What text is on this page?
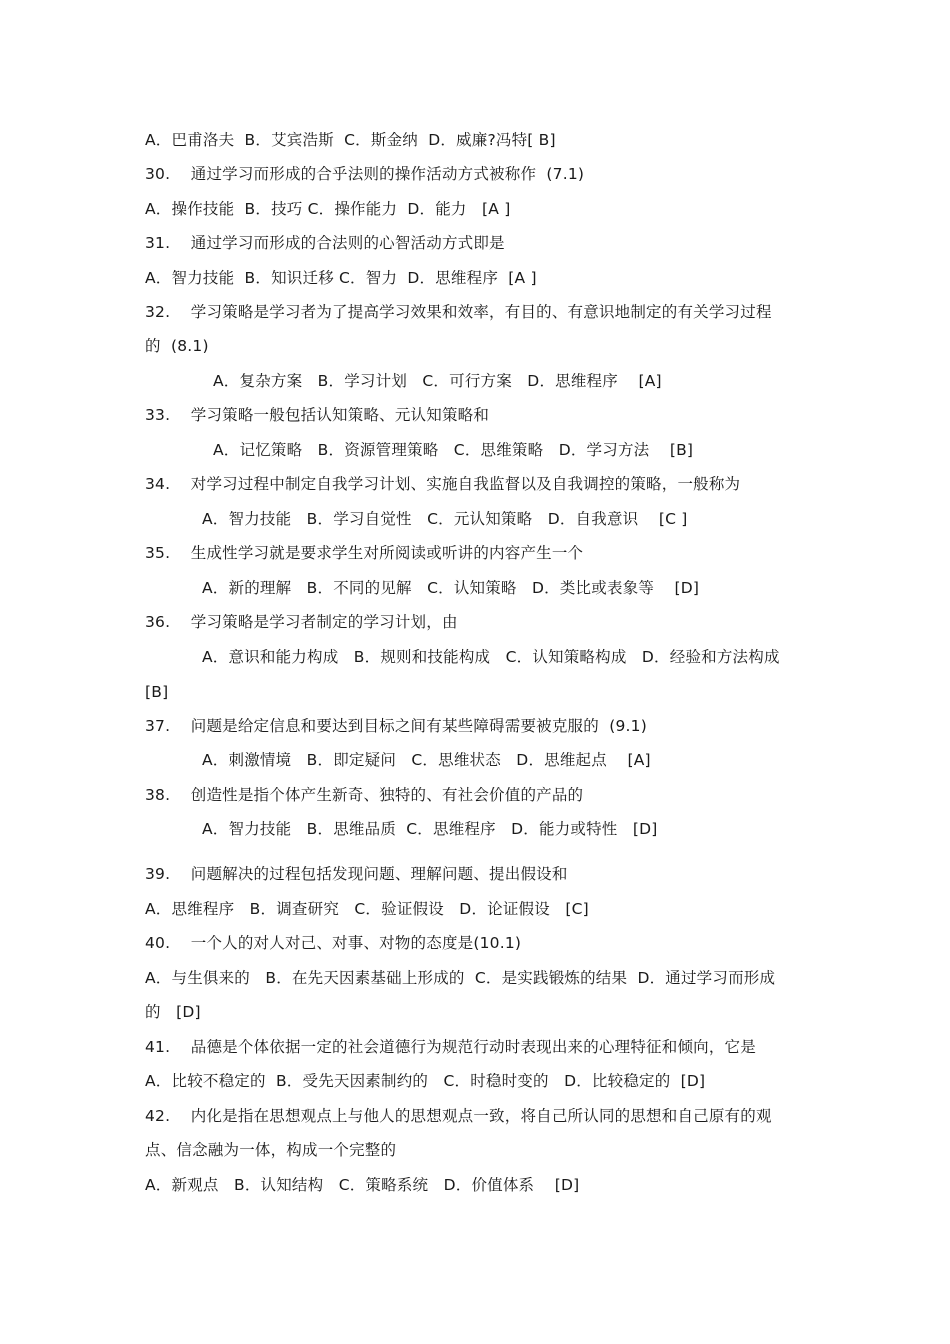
A．巴甫洛夫  B．艾宾浩斯  C．斯金纳  D．威廉?冯特[ B]
30.    通过学习而形成的合乎法则的操作活动方式被称作  (7.1)
A．操作技能  B．技巧 C．操作能力  D．能力   [A ]
31.    通过学习而形成的合法则的心智活动方式即是
A．智力技能  B．知识迁移 C．智力  D．思维程序  [A ]
32.    学习策略是学习者为了提高学习效果和效率，有目的、有意识地制定的有关学习过程
的  (8.1)
A．复杂方案   B．学习计划   C．可行方案   D．思维程序    [A]
33.    学习策略一般包括认知策略、元认知策略和
A．记忆策略   B．资源管理策略   C．思维策略   D．学习方法    [B]
34.    对学习过程中制定自我学习计划、实施自我监督以及自我调控的策略，一般称为
A．智力技能   B．学习自觉性   C．元认知策略   D．自我意识    [C ]
35.    生成性学习就是要求学生对所阅读或听讲的内容产生一个
A．新的理解   B．不同的见解   C．认知策略   D．类比或表象等    [D]
36.    学习策略是学习者制定的学习计划，由
A．意识和能力构成   B．规则和技能构成   C．认知策略构成   D．经验和方法构成
[B]
37.    问题是给定信息和要达到目标之间有某些障碍需要被克服的  (9.1)
A．刺激情境   B．即定疑问   C．思维状态   D．思维起点    [A]
38.    创造性是指个体产生新奇、独特的、有社会价值的产品的
A．智力技能   B．思维品质  C．思维程序   D．能力或特性   [D]
39.    问题解决的过程包括发现问题、理解问题、提出假设和
A．思维程序   B．调查研究   C．验证假设   D．论证假设   [C]
40.    一个人的对人对己、对事、对物的态度是(10.1)
A．与生俱来的   B．在先天因素基础上形成的  C．是实践锻炼的结果  D．通过学习而形成
的   [D]
41.    品德是个体依据一定的社会道德行为规范行动时表现出来的心理特征和倾向，它是
A．比较不稳定的  B．受先天因素制约的   C．时稳时变的   D．比较稳定的  [D]
42.    内化是指在思想观点上与他人的思想观点一致，将自己所认同的思想和自己原有的观
点、信念融为一体，构成一个完整的
A．新观点   B．认知结构   C．策略系统   D．价值体系    [D]
